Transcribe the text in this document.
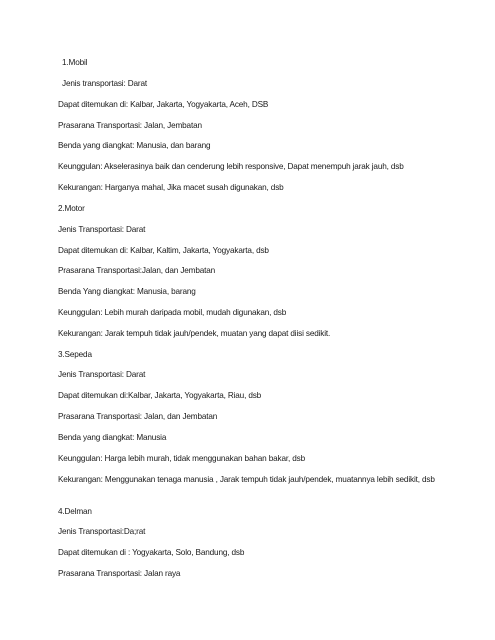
1.Mobil
Jenis transportasi: Darat
Dapat ditemukan di: Kalbar, Jakarta, Yogyakarta, Aceh, DSB
Prasarana Transportasi: Jalan, Jembatan
Benda yang diangkat: Manusia, dan barang
Keunggulan: Akselerasinya baik dan cenderung lebih responsive, Dapat menempuh jarak jauh, dsb
Kekurangan: Harganya mahal, Jika macet susah digunakan, dsb
2.Motor
Jenis Transportasi: Darat
Dapat ditemukan di: Kalbar, Kaltim, Jakarta, Yogyakarta, dsb
Prasarana Transportasi:Jalan, dan Jembatan
Benda Yang diangkat: Manusia, barang
Keunggulan: Lebih murah daripada mobil, mudah digunakan, dsb
Kekurangan: Jarak tempuh tidak jauh/pendek, muatan yang dapat diisi sedikit.
3.Sepeda
Jenis Transportasi: Darat
Dapat ditemukan di:Kalbar, Jakarta, Yogyakarta, Riau, dsb
Prasarana Transportasi: Jalan, dan Jembatan
Benda yang diangkat: Manusia
Keunggulan: Harga lebih murah, tidak menggunakan bahan bakar, dsb
Kekurangan: Menggunakan tenaga manusia , Jarak tempuh tidak jauh/pendek, muatannya lebih sedikit, dsb
4.Delman
Jenis Transportasi:Da;rat
Dapat ditemukan di : Yogyakarta, Solo, Bandung, dsb
Prasarana Transportasi: Jalan raya
